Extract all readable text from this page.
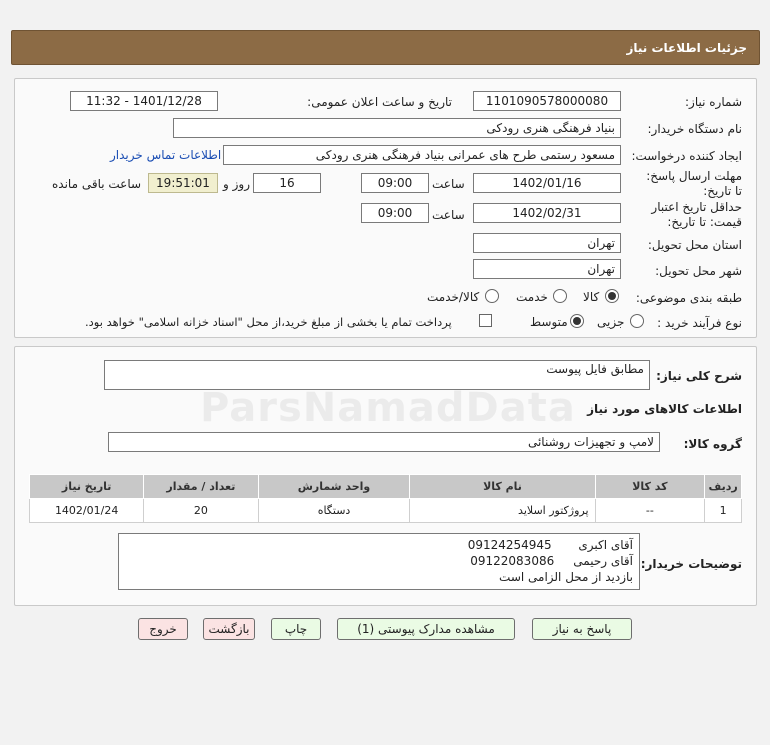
جزئیات اطلاعات نیاز
شماره نیاز:
1101090578000080
تاریخ و ساعت اعلان عمومی:
1401/12/28 - 11:32
نام دستگاه خریدار:
بنیاد فرهنگی هنری رودکی
ایجاد کننده درخواست:
مسعود رستمی طرح های عمرانی بنیاد فرهنگی هنری رودکی
اطلاعات تماس خریدار
مهلت ارسال پاسخ: تا تاریخ:
1402/01/16
ساعت
09:00
16
روز و
19:51:01
ساعت باقی مانده
حداقل تاریخ اعتبار قیمت: تا تاریخ:
1402/02/31
ساعت
09:00
استان محل تحویل:
تهران
شهر محل تحویل:
تهران
طبقه بندی موضوعی:
کالا
خدمت
کالا/خدمت
نوع فرآیند خرید :
جزیی
متوسط
پرداخت تمام یا بخشی از مبلغ خرید،از محل "اسناد خزانه اسلامی" خواهد بود.
شرح کلی نیاز:
مطابق فایل پیوست
اطلاعات کالاهای مورد نیاز
گروه کالا:
لامپ و تجهیزات روشنائی
ردیف	کد کالا	نام کالا	واحد شمارش	تعداد / مقدار	تاریخ نیاز
1	--	پروژکتور اسلاید	دستگاه	20	1402/01/24
توضیحات خریدار:
آقای اکبری       09124254945
آقای رحیمی     09122083086
بازدید از محل الزامی است
پاسخ به نیاز
مشاهده مدارک پیوستی (1)
چاپ
بازگشت
خروج
